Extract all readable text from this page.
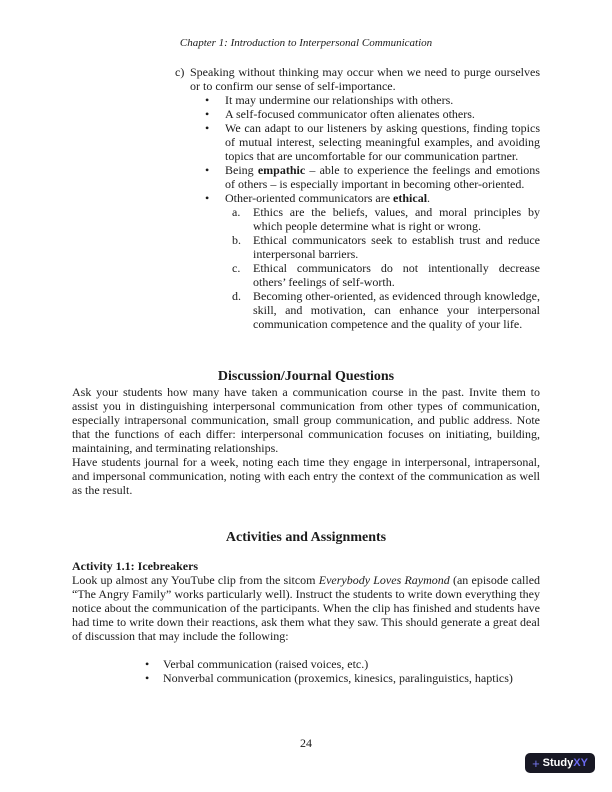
Chapter 1: Introduction to Interpersonal Communication
c) Speaking without thinking may occur when we need to purge ourselves or to confirm our sense of self-importance.
• It may undermine our relationships with others.
• A self-focused communicator often alienates others.
• We can adapt to our listeners by asking questions, finding topics of mutual interest, selecting meaningful examples, and avoiding topics that are uncomfortable for our communication partner.
• Being empathic – able to experience the feelings and emotions of others – is especially important in becoming other-oriented.
• Other-oriented communicators are ethical.
a. Ethics are the beliefs, values, and moral principles by which people determine what is right or wrong.
b. Ethical communicators seek to establish trust and reduce interpersonal barriers.
c. Ethical communicators do not intentionally decrease others’ feelings of self-worth.
d. Becoming other-oriented, as evidenced through knowledge, skill, and motivation, can enhance your interpersonal communication competence and the quality of your life.
Discussion/Journal Questions

Ask your students how many have taken a communication course in the past. Invite them to assist you in distinguishing interpersonal communication from other types of communication, especially intrapersonal communication, small group communication, and public address. Note that the functions of each differ: interpersonal communication focuses on initiating, building, maintaining, and terminating relationships.

Have students journal for a week, noting each time they engage in interpersonal, intrapersonal, and impersonal communication, noting with each entry the context of the communication as well as the result.

Activities and Assignments
Activity 1.1: Icebreakers

Look up almost any YouTube clip from the sitcom Everybody Loves Raymond (an episode called “The Angry Family” works particularly well). Instruct the students to write down everything they notice about the communication of the participants. When the clip has finished and students have had time to write down their reactions, ask them what they saw. This should generate a great deal of discussion that may include the following:

• Verbal communication (raised voices, etc.)
• Nonverbal communication (proxemics, kinesics, paralinguistics, haptics)
24
+ Study XY
